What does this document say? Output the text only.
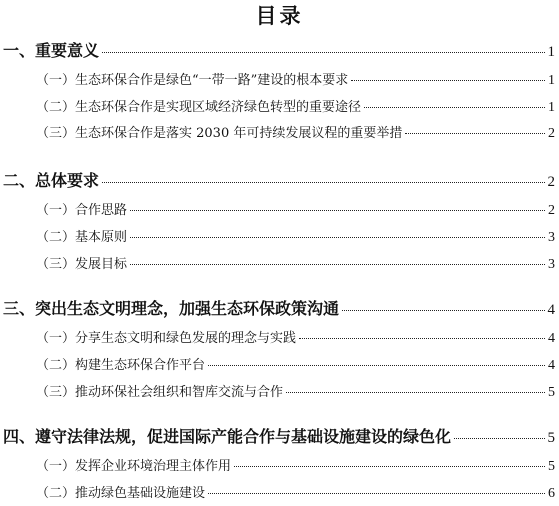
目录
一、重要意义	1
（一）生态环保合作是绿色“一带一路”建设的根本要求	1
（二）生态环保合作是实现区域经济绿色转型的重要途径	1
（三）生态环保合作是落实 2030 年可持续发展议程的重要举措	2
二、总体要求	2
（一）合作思路	2
（二）基本原则	3
（三）发展目标	3
三、突出生态文明理念，加强生态环保政策沟通	4
（一）分享生态文明和绿色发展的理念与实践	4
（二）构建生态环保合作平台	4
（三）推动环保社会组织和智库交流与合作	5
四、遵守法律法规，促进国际产能合作与基础设施建设的绿色化	5
（一）发挥企业环境治理主体作用	5
（二）推动绿色基础设施建设	6
